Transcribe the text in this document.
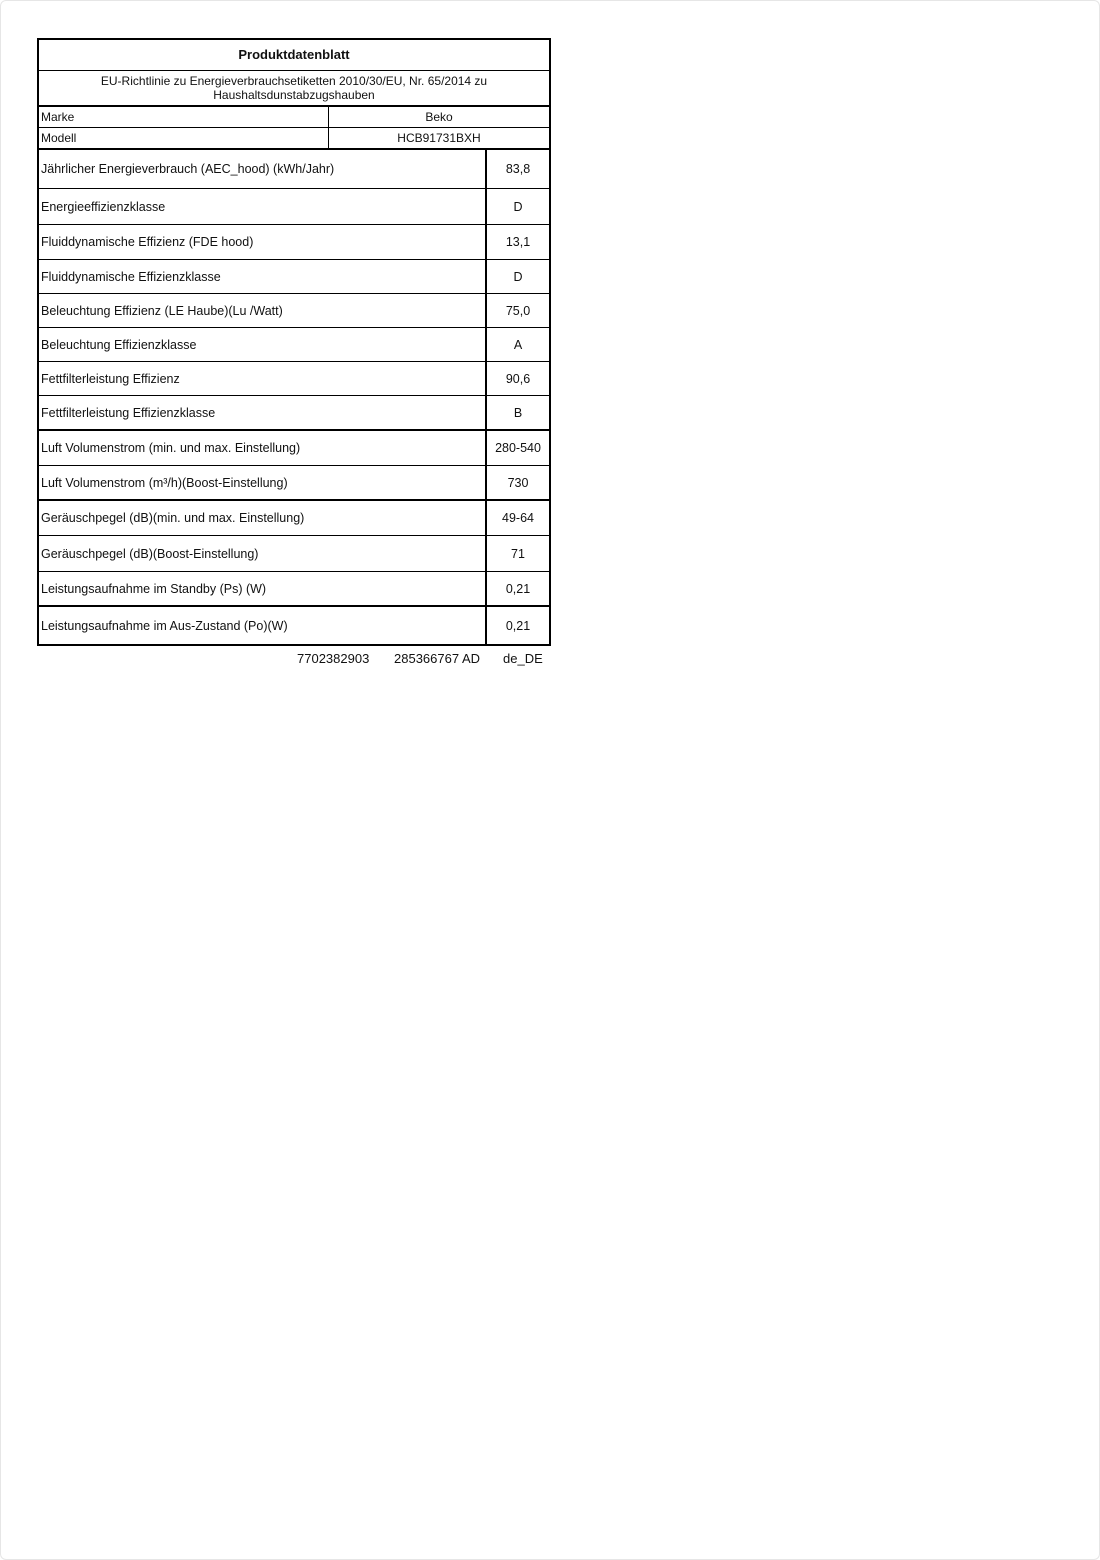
Produktdatenblatt
EU-Richtlinie zu Energieverbrauchsetiketten 2010/30/EU, Nr. 65/2014 zu Haushaltsdunstabzugshauben
Marke	Beko
Modell	HCB91731BXH
Jährlicher Energieverbrauch (AEC_hood) (kWh/Jahr)	83,8
Energieeffizienzklasse	D
Fluiddynamische Effizienz (FDE hood)	13,1
Fluiddynamische Effizienzklasse	D
Beleuchtung Effizienz (LE Haube)(Lu /Watt)	75,0
Beleuchtung Effizienzklasse	A
Fettfilterleistung Effizienz	90,6
Fettfilterleistung Effizienzklasse	B
Luft Volumenstrom (min. und max. Einstellung)	280-540
Luft Volumenstrom (m³/h)(Boost-Einstellung)	730
Geräuschpegel (dB)(min. und max. Einstellung)	49-64
Geräuschpegel (dB)(Boost-Einstellung)	71
Leistungsaufnahme im Standby (Ps) (W)	0,21
Leistungsaufnahme im Aus-Zustand (Po)(W)	0,21
7702382903 285366767 AD de_DE
